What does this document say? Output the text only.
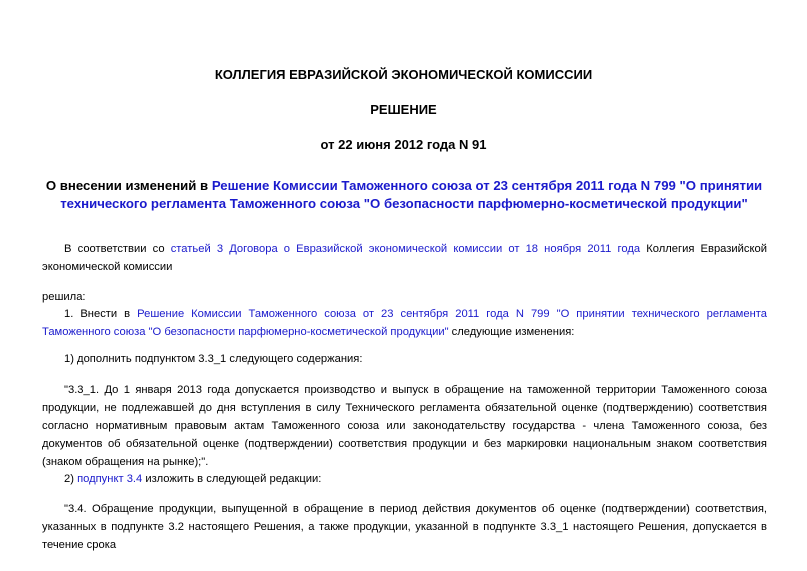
КОЛЛЕГИЯ ЕВРАЗИЙСКОЙ ЭКОНОМИЧЕСКОЙ КОМИССИИ
РЕШЕНИЕ
от 22 июня 2012 года N 91
О внесении изменений в Решение Комиссии Таможенного союза от 23 сентября 2011 года N 799 "О принятии технического регламента Таможенного союза "О безопасности парфюмерно-косметической продукции"
В соответствии со статьей 3 Договора о Евразийской экономической комиссии от 18 ноября 2011 года Коллегия Евразийской экономической комиссии
решила:
1. Внести в Решение Комиссии Таможенного союза от 23 сентября 2011 года N 799 "О принятии технического регламента Таможенного союза "О безопасности парфюмерно-косметической продукции" следующие изменения:
1) дополнить подпунктом 3.3_1 следующего содержания:
"3.3_1. До 1 января 2013 года допускается производство и выпуск в обращение на таможенной территории Таможенного союза продукции, не подлежавшей до дня вступления в силу Технического регламента обязательной оценке (подтверждению) соответствия согласно нормативным правовым актам Таможенного союза или законодательству государства - члена Таможенного союза, без документов об обязательной оценке (подтверждении) соответствия продукции и без маркировки национальным знаком соответствия (знаком обращения на рынке);".
2) подпункт 3.4 изложить в следующей редакции:
"3.4. Обращение продукции, выпущенной в обращение в период действия документов об оценке (подтверждении) соответствия, указанных в подпункте 3.2 настоящего Решения, а также продукции, указанной в подпункте 3.3_1 настоящего Решения, допускается в течение срока
